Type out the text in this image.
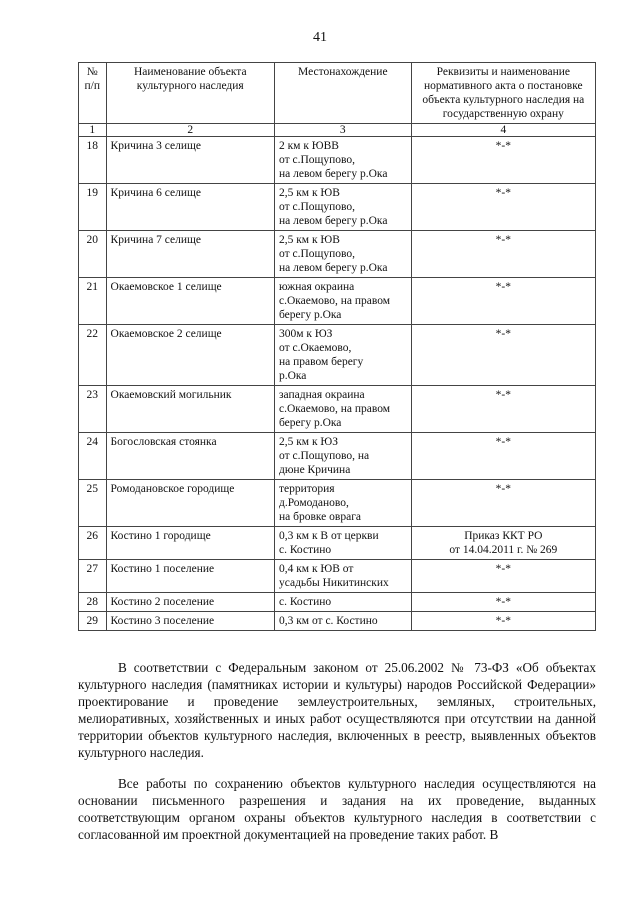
41
№ п/п	Наименование объекта культурного наследия	Местонахождение	Реквизиты и наименование нормативного акта о постановке объекта культурного наследия на государственную охрану
1	2	3	4
18	Кричина 3 селище	2 км к ЮВВ
от с.Пощупово,
на левом берегу р.Ока	*-*
19	Кричина 6 селище	2,5 км к ЮВ
от с.Пощупово,
на левом берегу р.Ока	*-*
20	Кричина 7 селище	2,5 км к ЮВ
от с.Пощупово,
на левом берегу р.Ока	*-*
21	Окаемовское 1 селище	южная окраина
с.Окаемово, на правом
берегу р.Ока	*-*
22	Окаемовское 2 селище	300м к ЮЗ
от с.Окаемово,
на правом берегу
р.Ока	*-*
23	Окаемовский могильник	западная окраина
с.Окаемово, на правом
берегу р.Ока	*-*
24	Богословская стоянка	2,5 км к ЮЗ
от с.Пощупово, на
дюне Кричина	*-*
25	Ромодановское городище	территория
д.Ромоданово,
на бровке оврага	*-*
26	Костино 1 городище	0,3 км к В от церкви
с. Костино	Приказ ККТ РО
от 14.04.2011 г. № 269
27	Костино 1 поселение	0,4 км к ЮВ от
усадьбы Никитинских	*-*
28	Костино 2 поселение	с. Костино	*-*
29	Костино 3 поселение	0,3 км от с. Костино	*-*

В соответствии с Федеральным законом от 25.06.2002 № 73-ФЗ «Об объектах культурного наследия (памятниках истории и культуры) народов Российской Федерации» проектирование и проведение землеустроительных, земляных, строительных, мелиоративных, хозяйственных и иных работ осуществляются при отсутствии на данной территории объектов культурного наследия, включенных в реестр, выявленных объектов культурного наследия.

Все работы по сохранению объектов культурного наследия осуществляются на основании письменного разрешения и задания на их проведение, выданных соответствующим органом охраны объектов культурного наследия в соответствии с согласованной им проектной документацией на проведение таких работ. В
